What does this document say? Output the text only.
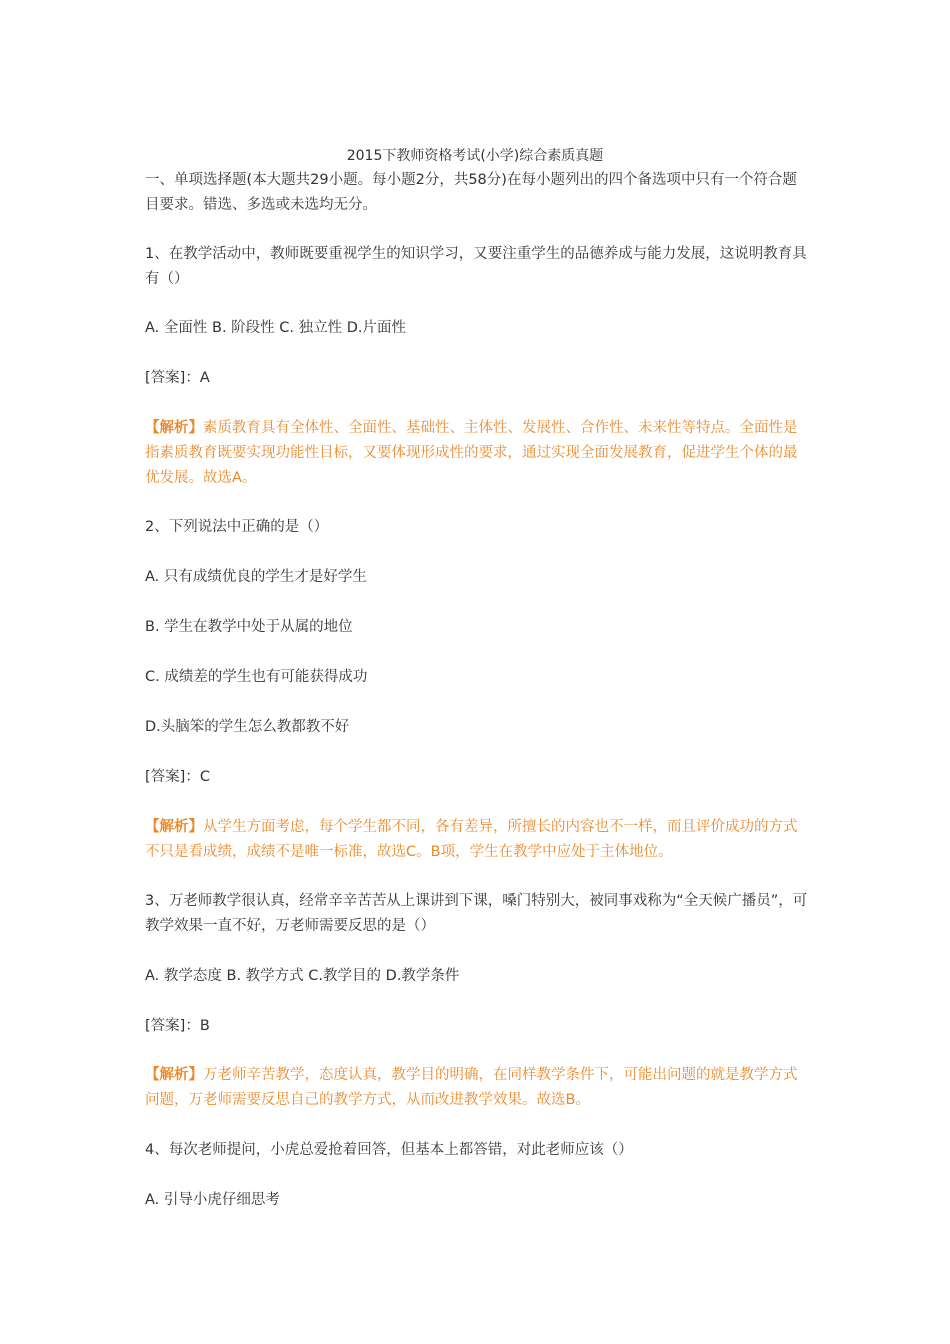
2015下教师资格考试(小学)综合素质真题
一、单项选择题(本大题共29小题。每小题2分，共58分)在每小题列出的四个备选项中只有一个符合题目要求。错选、多选或未选均无分。
1、在教学活动中，教师既要重视学生的知识学习，又要注重学生的品德养成与能力发展，这说明教育具有（）
A. 全面性 B. 阶段性 C. 独立性 D.片面性
[答案]：A
【解析】素质教育具有全体性、全面性、基础性、主体性、发展性、合作性、未来性等特点。全面性是指素质教育既要实现功能性目标，又要体现形成性的要求，通过实现全面发展教育，促进学生个体的最优发展。故选A。
2、下列说法中正确的是（）
A. 只有成绩优良的学生才是好学生
B. 学生在教学中处于从属的地位
C. 成绩差的学生也有可能获得成功
D.头脑笨的学生怎么教都教不好
[答案]：C
【解析】从学生方面考虑，每个学生都不同，各有差异，所擅长的内容也不一样，而且评价成功的方式不只是看成绩，成绩不是唯一标准，故选C。B项，学生在教学中应处于主体地位。
3、万老师教学很认真，经常辛辛苦苦从上课讲到下课，嗓门特别大，被同事戏称为“全天候广播员”，可教学效果一直不好，万老师需要反思的是（）
A. 教学态度 B. 教学方式 C.教学目的 D.教学条件
[答案]：B
【解析】万老师辛苦教学，态度认真，教学目的明确，在同样教学条件下，可能出问题的就是教学方式问题，万老师需要反思自己的教学方式，从而改进教学效果。故选B。
4、每次老师提问，小虎总爱抢着回答，但基本上都答错，对此老师应该（）
A. 引导小虎仔细思考
